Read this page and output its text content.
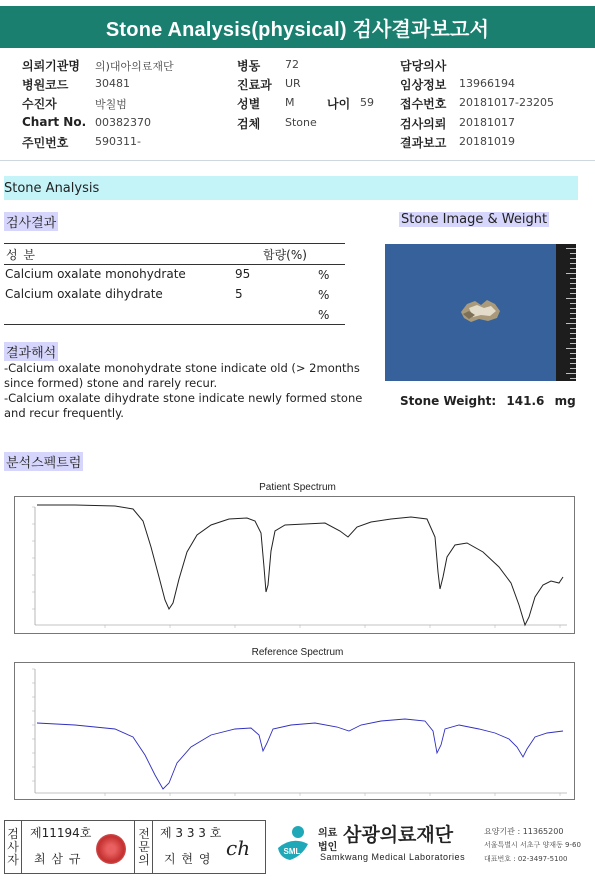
Stone Analysis(physical) 검사결과보고서
의뢰기관명 의)대아의료재단
병원코드 30481
수진자	박칠범
Chart No. 00382370
주민번호 590311-
병동 72
진료과 UR
성별 M	나이 59
검체 Stone
담당의사
임상정보 13966194
접수번호 20181017-23205
검사의뢰 20181017
결과보고 20181019
Stone Analysis
검사결과
성 분	함량(%)
Calcium oxalate monohydrate	95	%
Calcium oxalate dihydrate	5	%
%
결과해석
-Calcium oxalate monohydrate stone indicate old (> 2months
since formed) stone and rarely recur.
-Calcium oxalate dihydrate stone indicate newly formed stone
and recur frequently.
Stone Image & Weight
Stone Weight: 141.6 mg
분석스펙트럼
Patient Spectrum
Reference Spectrum
검사자
제11194호
최 삼 규
전문의
제 3 3 3 호
지 현 영 ch	SML
의료
법인
삼광의료재단
Samkwang Medical Laboratories
요양기관 : 11365200
서울특별시 서초구 양재동 9-60
대표번호 : 02-3497-5100
